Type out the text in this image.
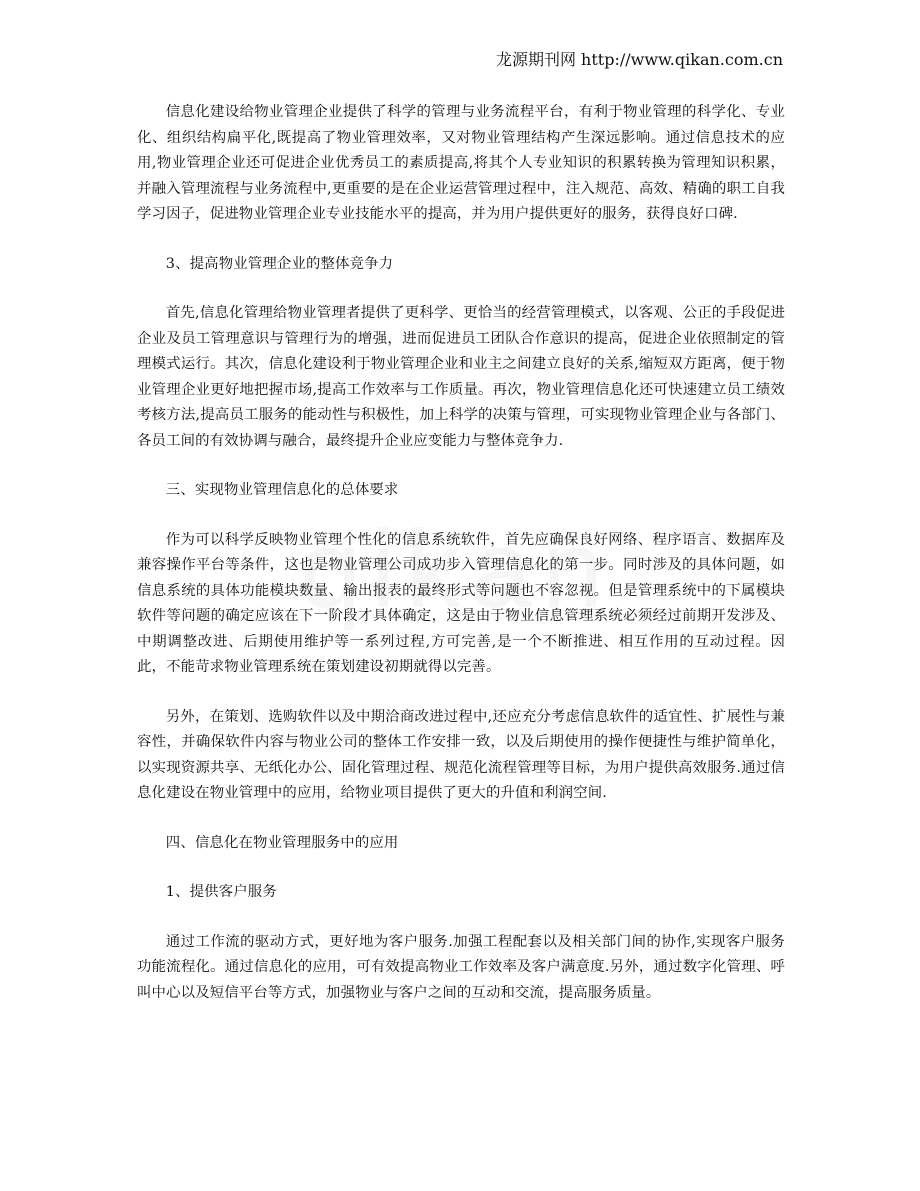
龙源期刊网 http://www.qikan.com.cn

信息化建设给物业管理企业提供了科学的管理与业务流程平台，有利于物业管理的科学化、专业化、组织结构扁平化,既提高了物业管理效率，又对物业管理结构产生深远影响。通过信息技术的应用,物业管理企业还可促进企业优秀员工的素质提高,将其个人专业知识的积累转换为管理知识积累，并融入管理流程与业务流程中,更重要的是在企业运营管理过程中，注入规范、高效、精确的职工自我学习因子，促进物业管理企业专业技能水平的提高，并为用户提供更好的服务，获得良好口碑.

3、提高物业管理企业的整体竞争力

首先,信息化管理给物业管理者提供了更科学、更恰当的经营管理模式，以客观、公正的手段促进企业及员工管理意识与管理行为的增强，进而促进员工团队合作意识的提高，促进企业依照制定的管理模式运行。其次，信息化建设利于物业管理企业和业主之间建立良好的关系,缩短双方距离，便于物业管理企业更好地把握市场,提高工作效率与工作质量。再次，物业管理信息化还可快速建立员工绩效考核方法,提高员工服务的能动性与积极性，加上科学的决策与管理，可实现物业管理企业与各部门、各员工间的有效协调与融合，最终提升企业应变能力与整体竞争力.

三、实现物业管理信息化的总体要求

作为可以科学反映物业管理个性化的信息系统软件，首先应确保良好网络、程序语言、数据库及兼容操作平台等条件，这也是物业管理公司成功步入管理信息化的第一步。同时涉及的具体问题，如信息系统的具体功能模块数量、输出报表的最终形式等问题也不容忽视。但是管理系统中的下属模块软件等问题的确定应该在下一阶段才具体确定，这是由于物业信息管理系统必须经过前期开发涉及、中期调整改进、后期使用维护等一系列过程,方可完善,是一个不断推进、相互作用的互动过程。因此，不能苛求物业管理系统在策划建设初期就得以完善。

另外，在策划、选购软件以及中期洽商改进过程中,还应充分考虑信息软件的适宜性、扩展性与兼容性，并确保软件内容与物业公司的整体工作安排一致，以及后期使用的操作便捷性与维护简单化，以实现资源共享、无纸化办公、固化管理过程、规范化流程管理等目标，为用户提供高效服务.通过信息化建设在物业管理中的应用，给物业项目提供了更大的升值和利润空间.

四、信息化在物业管理服务中的应用

1、提供客户服务

通过工作流的驱动方式，更好地为客户服务.加强工程配套以及相关部门间的协作,实现客户服务功能流程化。通过信息化的应用，可有效提高物业工作效率及客户满意度.另外，通过数字化管理、呼叫中心以及短信平台等方式，加强物业与客户之间的互动和交流，提高服务质量。
